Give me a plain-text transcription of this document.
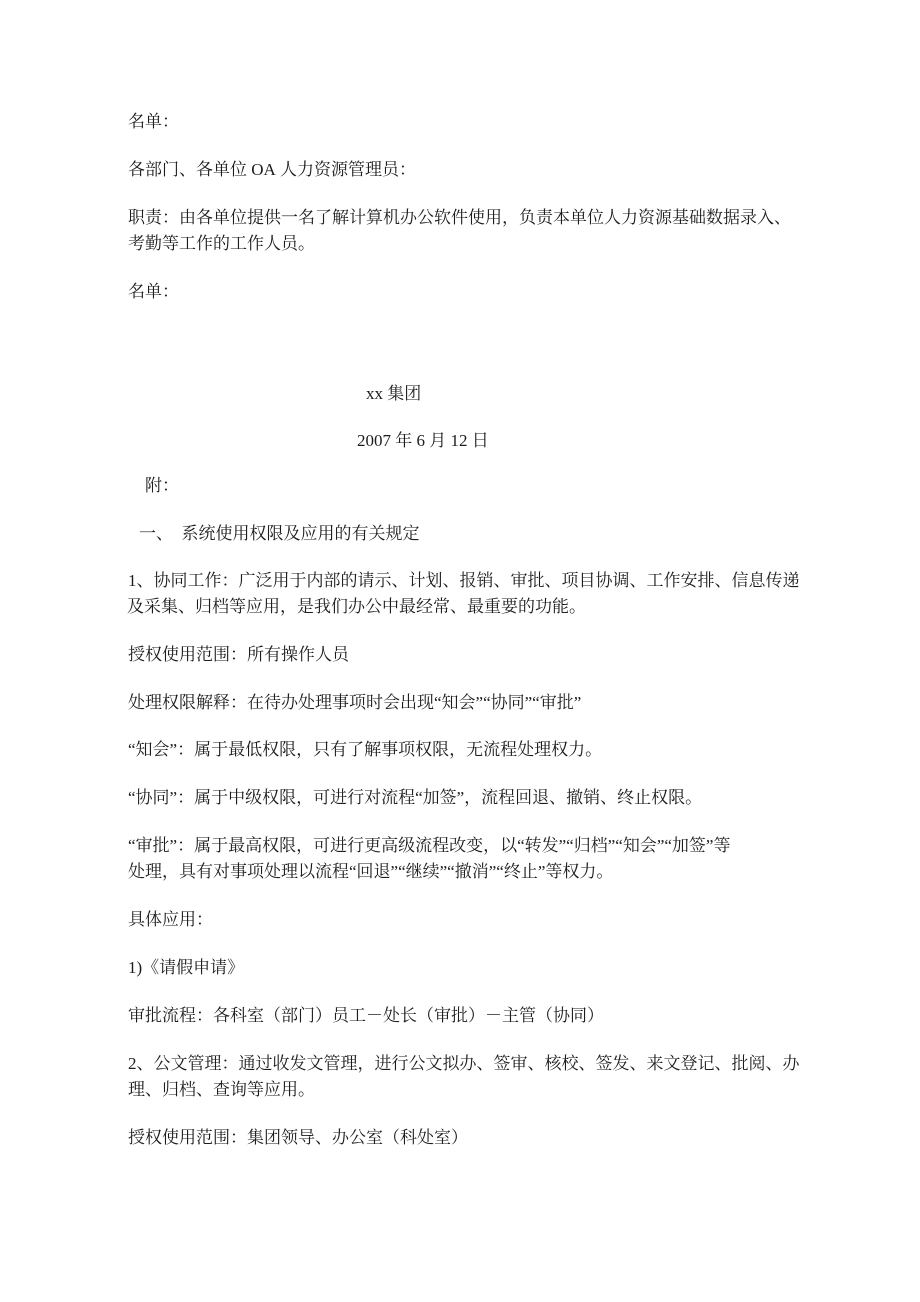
名单：
各部门、各单位 OA 人力资源管理员：
职责：由各单位提供一名了解计算机办公软件使用，负责本单位人力资源基础数据录入、
考勤等工作的工作人员。
名单：
xx 集团
2007 年 6 月 12 日
附：
一、　系统使用权限及应用的有关规定
1、协同工作：广泛用于内部的请示、计划、报销、审批、项目协调、工作安排、信息传递
及采集、归档等应用，是我们办公中最经常、最重要的功能。
授权使用范围：所有操作人员
处理权限解释：在待办处理事项时会出现“知会”“协同”“审批”
“知会”：属于最低权限，只有了解事项权限，无流程处理权力。
“协同”：属于中级权限，可进行对流程“加签”，流程回退、撤销、终止权限。
“审批”：属于最高权限，可进行更高级流程改变，以“转发”“归档”“知会”“加签”等
处理，具有对事项处理以流程“回退”“继续”“撤消”“终止”等权力。
具体应用：
1)《请假申请》
审批流程：各科室（部门）员工－处长（审批）－主管（协同）
2、公文管理：通过收发文管理，进行公文拟办、签审、核校、签发、来文登记、批阅、办
理、归档、查询等应用。
授权使用范围：集团领导、办公室（科处室）
